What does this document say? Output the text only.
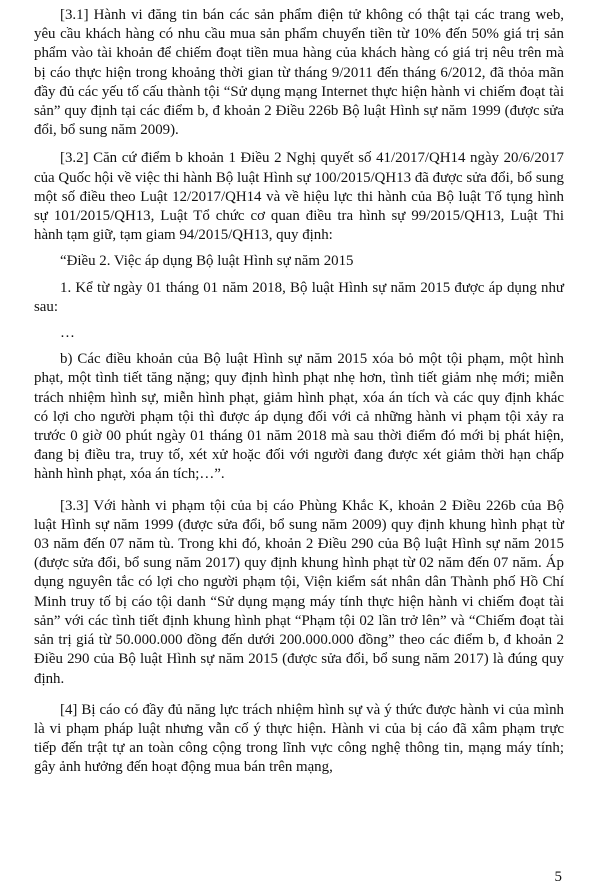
[3.1] Hành vi đăng tin bán các sản phẩm điện tử không có thật tại các trang web, yêu cầu khách hàng có nhu cầu mua sản phẩm chuyển tiền từ 10% đến 50% giá trị sản phẩm vào tài khoản để chiếm đoạt tiền mua hàng của khách hàng có giá trị nêu trên mà bị cáo thực hiện trong khoảng thời gian từ tháng 9/2011 đến tháng 6/2012, đã thỏa mãn đầy đủ các yếu tố cấu thành tội “Sử dụng mạng Internet thực hiện hành vi chiếm đoạt tài sản” quy định tại các điểm b, đ khoản 2 Điều 226b Bộ luật Hình sự năm 1999 (được sửa đổi, bổ sung năm 2009).

[3.2] Căn cứ điểm b khoản 1 Điều 2 Nghị quyết số 41/2017/QH14 ngày 20/6/2017 của Quốc hội về việc thi hành Bộ luật Hình sự 100/2015/QH13 đã được sửa đổi, bổ sung một số điều theo Luật 12/2017/QH14 và về hiệu lực thi hành của Bộ luật Tố tụng hình sự 101/2015/QH13, Luật Tổ chức cơ quan điều tra hình sự 99/2015/QH13, Luật Thi hành tạm giữ, tạm giam 94/2015/QH13, quy định:

“Điều 2. Việc áp dụng Bộ luật Hình sự năm 2015

1. Kể từ ngày 01 tháng 01 năm 2018, Bộ luật Hình sự năm 2015 được áp dụng như sau:

…

b) Các điều khoản của Bộ luật Hình sự năm 2015 xóa bỏ một tội phạm, một hình phạt, một tình tiết tăng nặng; quy định hình phạt nhẹ hơn, tình tiết giảm nhẹ mới; miễn trách nhiệm hình sự, miễn hình phạt, giảm hình phạt, xóa án tích và các quy định khác có lợi cho người phạm tội thì được áp dụng đối với cả những hành vi phạm tội xảy ra trước 0 giờ 00 phút ngày 01 tháng 01 năm 2018 mà sau thời điểm đó mới bị phát hiện, đang bị điều tra, truy tố, xét xử hoặc đối với người đang được xét giảm thời hạn chấp hành hình phạt, xóa án tích;…”.

[3.3] Với hành vi phạm tội của bị cáo Phùng Khắc K, khoản 2 Điều 226b của Bộ luật Hình sự năm 1999 (được sửa đổi, bổ sung năm 2009) quy định khung hình phạt từ 03 năm đến 07 năm tù. Trong khi đó, khoản 2 Điều 290 của Bộ luật Hình sự năm 2015 (được sửa đổi, bổ sung năm 2017) quy định khung hình phạt từ 02 năm đến 07 năm. Áp dụng nguyên tắc có lợi cho người phạm tội, Viện kiểm sát nhân dân Thành phố Hồ Chí Minh truy tố bị cáo tội danh “Sử dụng mạng máy tính thực hiện hành vi chiếm đoạt tài sản” với các tình tiết định khung hình phạt “Phạm tội 02 lần trở lên” và “Chiếm đoạt tài sản trị giá từ 50.000.000 đồng đến dưới 200.000.000 đồng” theo các điểm b, đ khoản 2 Điều 290 của Bộ luật Hình sự năm 2015 (được sửa đổi, bổ sung năm 2017) là đúng quy định.

[4] Bị cáo có đầy đủ năng lực trách nhiệm hình sự và ý thức được hành vi của mình là vi phạm pháp luật nhưng vẫn cố ý thực hiện. Hành vi của bị cáo đã xâm phạm trực tiếp đến trật tự an toàn công cộng trong lĩnh vực công nghệ thông tin, mạng máy tính; gây ảnh hưởng đến hoạt động mua bán trên mạng,

5
